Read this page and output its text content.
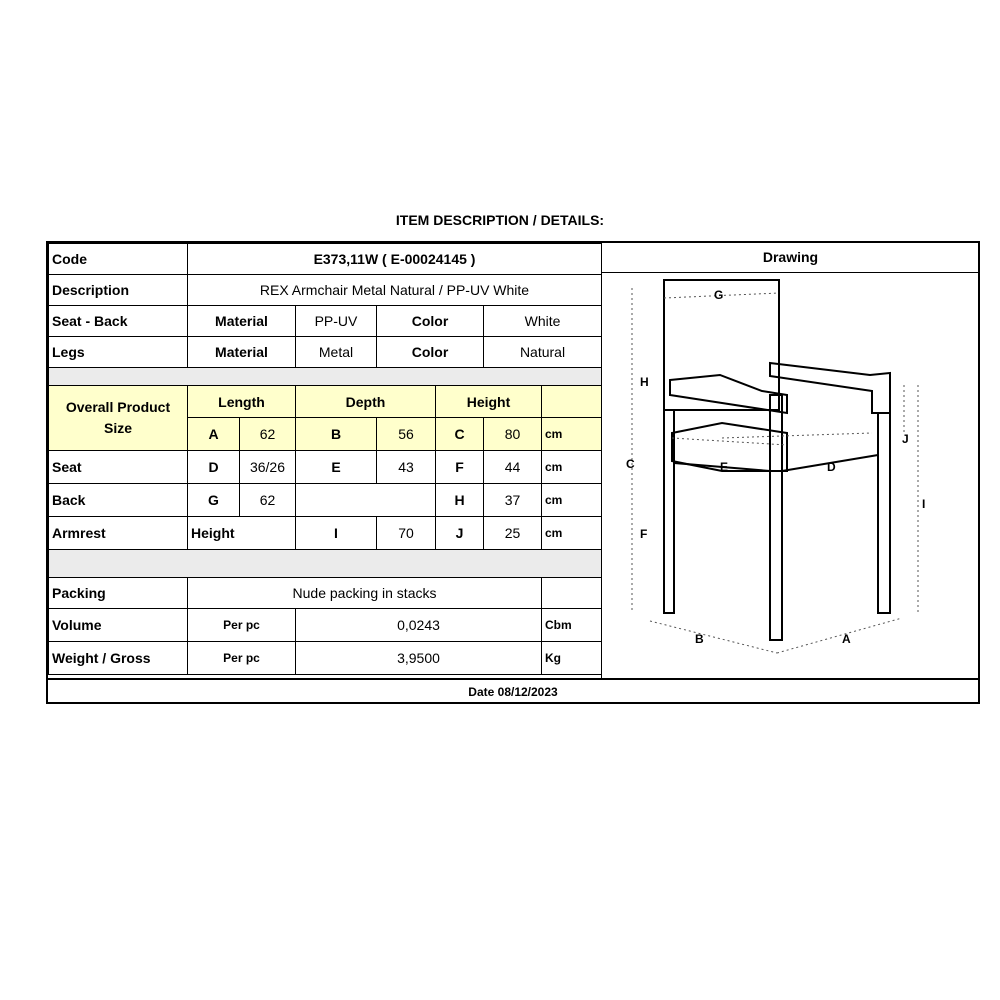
ITEM DESCRIPTION / DETAILS:
Code	E373,11W ( E-00024145 )						
Description	REX Armchair Metal Natural / PP-UV White						
Seat - Back	Material		PP-UV	Color		White	
Legs	Material		Metal	Color		Natural	

Overall Product Size	Length		Depth		Height		
	A	62	B	56	C	80	cm
Seat	D	36/26	E	43	F	44	cm
Back	G	62			H	37	cm
Armrest	Height		I	70	J	25	cm

Packing	Nude packing in stacks						
Volume	Per pc		0,0243				Cbm
Weight / Gross	Per pc		3,9500				Kg
Drawing
G
H
C	E	D
F
J
I
B	A
Date 08/12/2023
